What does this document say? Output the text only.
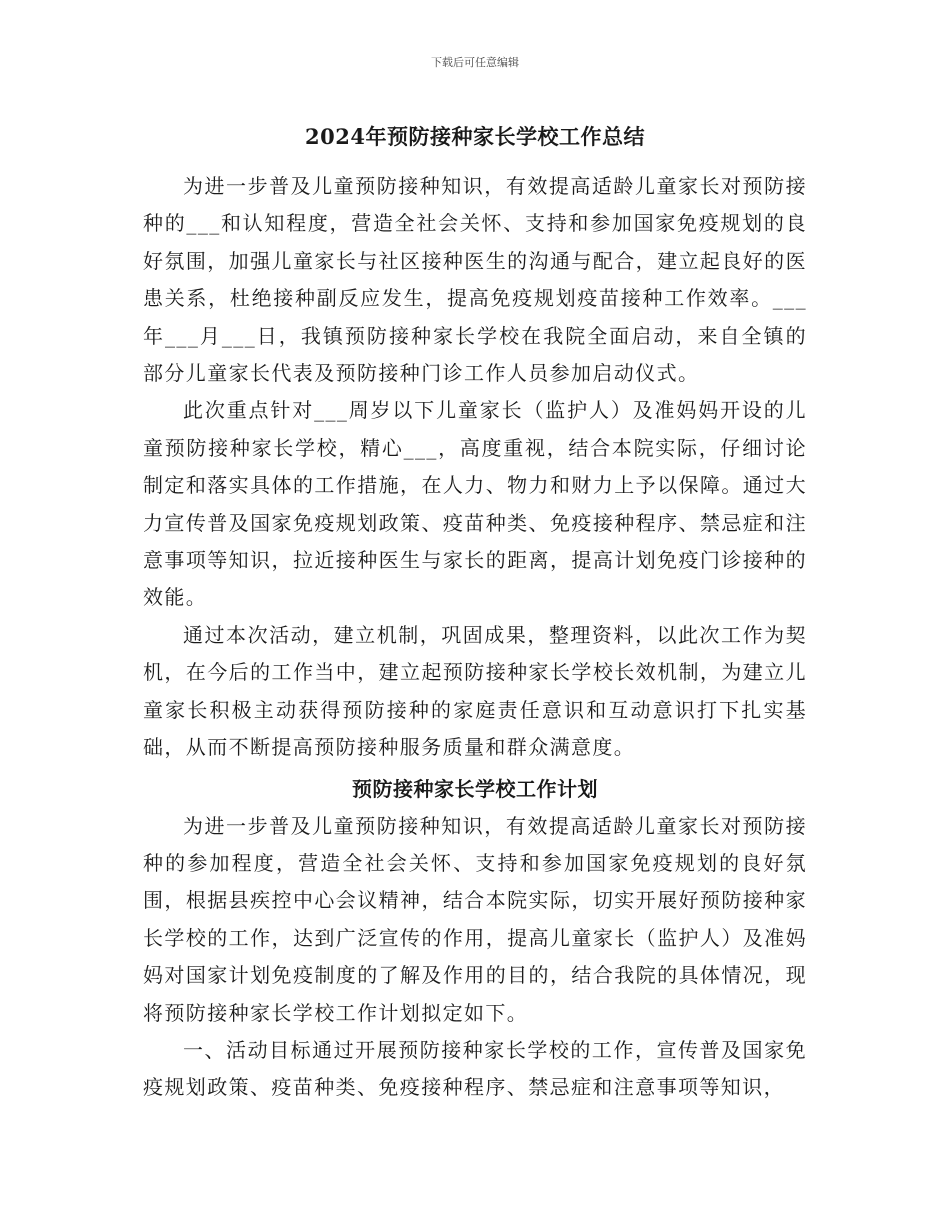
下载后可任意编辑
2024年预防接种家长学校工作总结

为进一步普及儿童预防接种知识，有效提高适龄儿童家长对预防接种的___和认知程度，营造全社会关怀、支持和参加国家免疫规划的良好氛围，加强儿童家长与社区接种医生的沟通与配合，建立起良好的医患关系，杜绝接种副反应发生，提高免疫规划疫苗接种工作效率。___年___月___日，我镇预防接种家长学校在我院全面启动，来自全镇的部分儿童家长代表及预防接种门诊工作人员参加启动仪式。

此次重点针对___周岁以下儿童家长（监护人）及准妈妈开设的儿童预防接种家长学校，精心___，高度重视，结合本院实际，仔细讨论制定和落实具体的工作措施，在人力、物力和财力上予以保障。通过大力宣传普及国家免疫规划政策、疫苗种类、免疫接种程序、禁忌症和注意事项等知识，拉近接种医生与家长的距离，提高计划免疫门诊接种的效能。

通过本次活动，建立机制，巩固成果，整理资料，以此次工作为契机，在今后的工作当中，建立起预防接种家长学校长效机制，为建立儿童家长积极主动获得预防接种的家庭责任意识和互动意识打下扎实基础，从而不断提高预防接种服务质量和群众满意度。

预防接种家长学校工作计划

为进一步普及儿童预防接种知识，有效提高适龄儿童家长对预防接种的参加程度，营造全社会关怀、支持和参加国家免疫规划的良好氛围，根据县疾控中心会议精神，结合本院实际，切实开展好预防接种家长学校的工作，达到广泛宣传的作用，提高儿童家长（监护人）及准妈妈对国家计划免疫制度的了解及作用的目的，结合我院的具体情况，现将预防接种家长学校工作计划拟定如下。

一、活动目标通过开展预防接种家长学校的工作，宣传普及国家免疫规划政策、疫苗种类、免疫接种程序、禁忌症和注意事项等知识，
